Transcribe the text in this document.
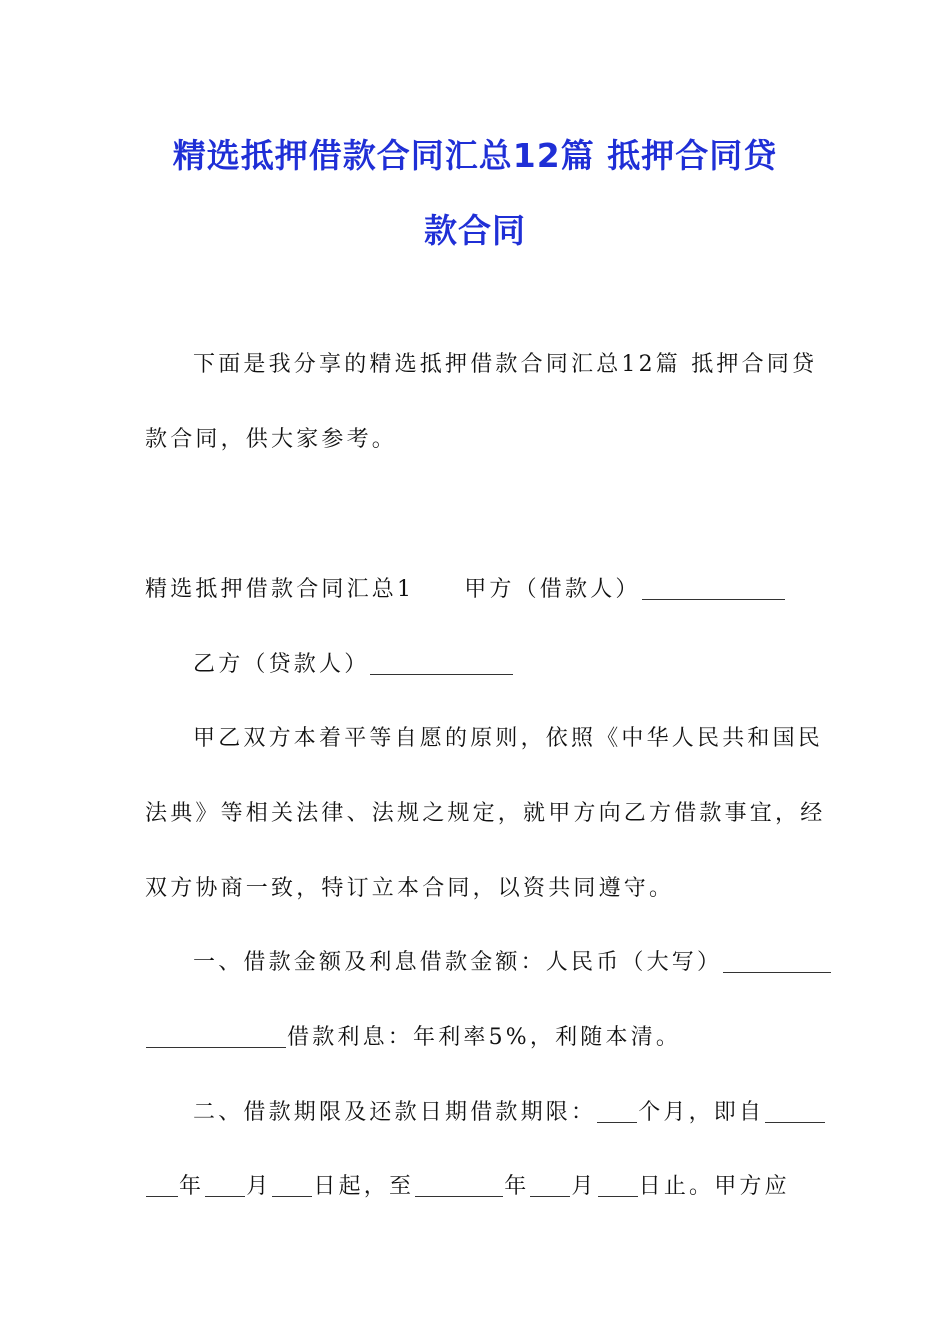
精选抵押借款合同汇总12篇 抵押合同贷
款合同
下面是我分享的精选抵押借款合同汇总12篇 抵押合同贷
款合同，供大家参考。
精选抵押借款合同汇总1 甲方（借款人）
乙方（贷款人）
甲乙双方本着平等自愿的原则，依照《中华人民共和国民
法典》等相关法律、法规之规定，就甲方向乙方借款事宜，经
双方协商一致，特订立本合同，以资共同遵守。
一、借款金额及利息借款金额：人民币（大写）
借款利息：年利率5%，利随本清。
二、借款期限及还款日期借款期限： 个月，即自
年 月 日起，至	年 月 日止。甲方应
